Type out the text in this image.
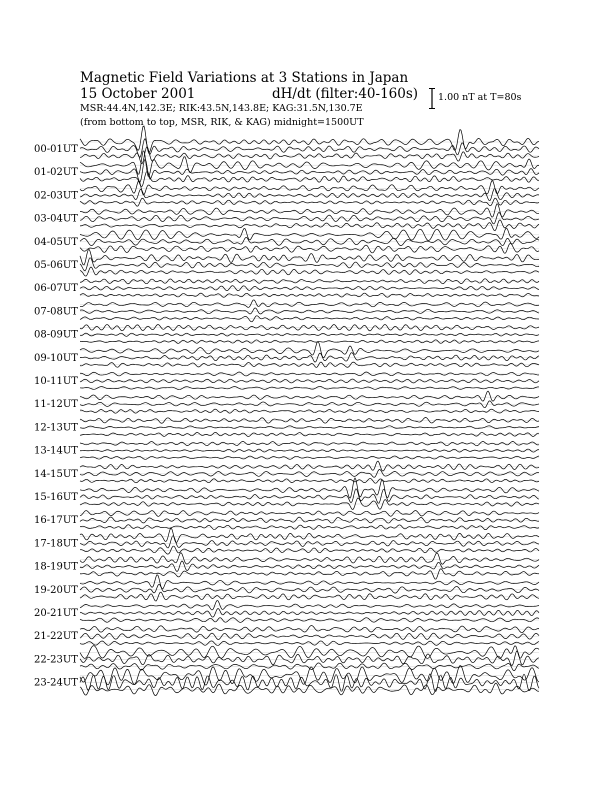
Magnetic Field Variations at 3 Stations in Japan
15 October 2001	dH/dt (filter:40-160s)
MSR:44.4N,142.3E; RIK:43.5N,143.8E; KAG:31.5N,130.7E
(from bottom to top, MSR, RIK, & KAG) midnight=1500UT
1.00 nT at T=80s
00-01UT
01-02UT
02-03UT
03-04UT
04-05UT
05-06UT
06-07UT
07-08UT
08-09UT
09-10UT
10-11UT
11-12UT
12-13UT
13-14UT
14-15UT
15-16UT
16-17UT
17-18UT
18-19UT
19-20UT
20-21UT
21-22UT
22-23UT
23-24UT
